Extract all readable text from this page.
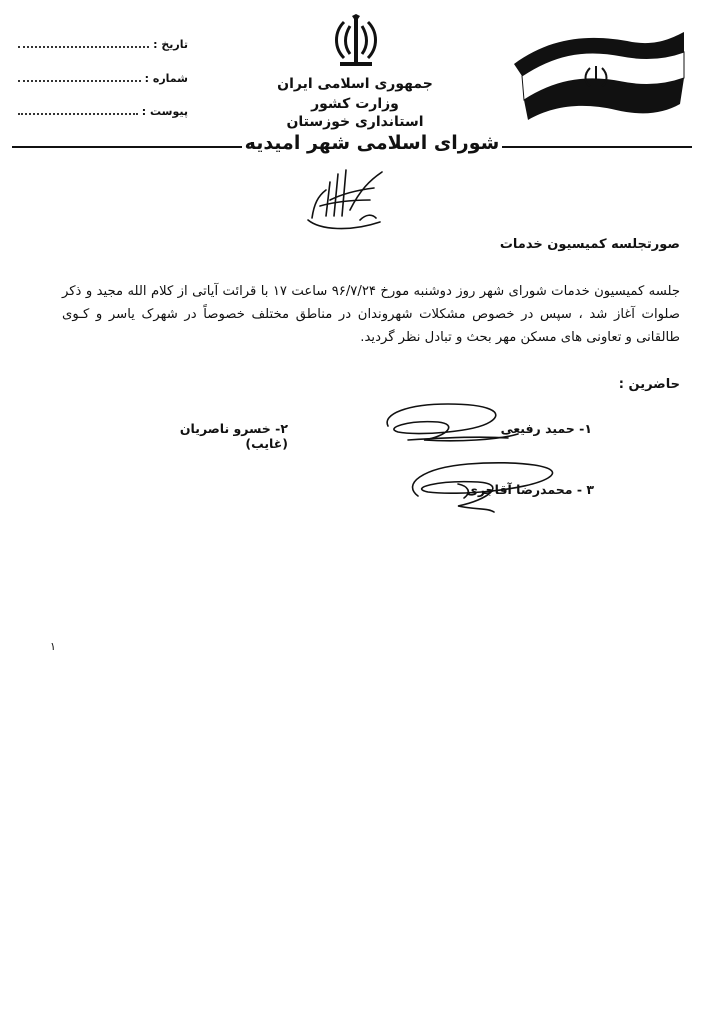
تاریخ :
شماره :
پیوست :
جمهوری اسلامی ایران
وزارت کشور
استانداری خوزستان
شورای اسلامی شهر امیدیه
صورتجلسه کمیسیون خدمات
جلسه کمیسیون خدمات شورای شهر روز دوشنبه مورخ ۹۶/۷/۲۴ ساعت ۱۷ با قرائت آیاتی از کلام الله مجید و ذکر صلوات آغاز شد ، سپس در خصوص مشکلات شهروندان در مناطق مختلف خصوصاً در شهرک یاسر و کـوی طالقانی و تعاونی های مسکن مهر بحث و تبادل نظر گردید.
حاضرین :
۱- حمید رفیعی
۲- خسرو ناصریان (غایب)
۳ - محمدرضا آقاجری
۱
